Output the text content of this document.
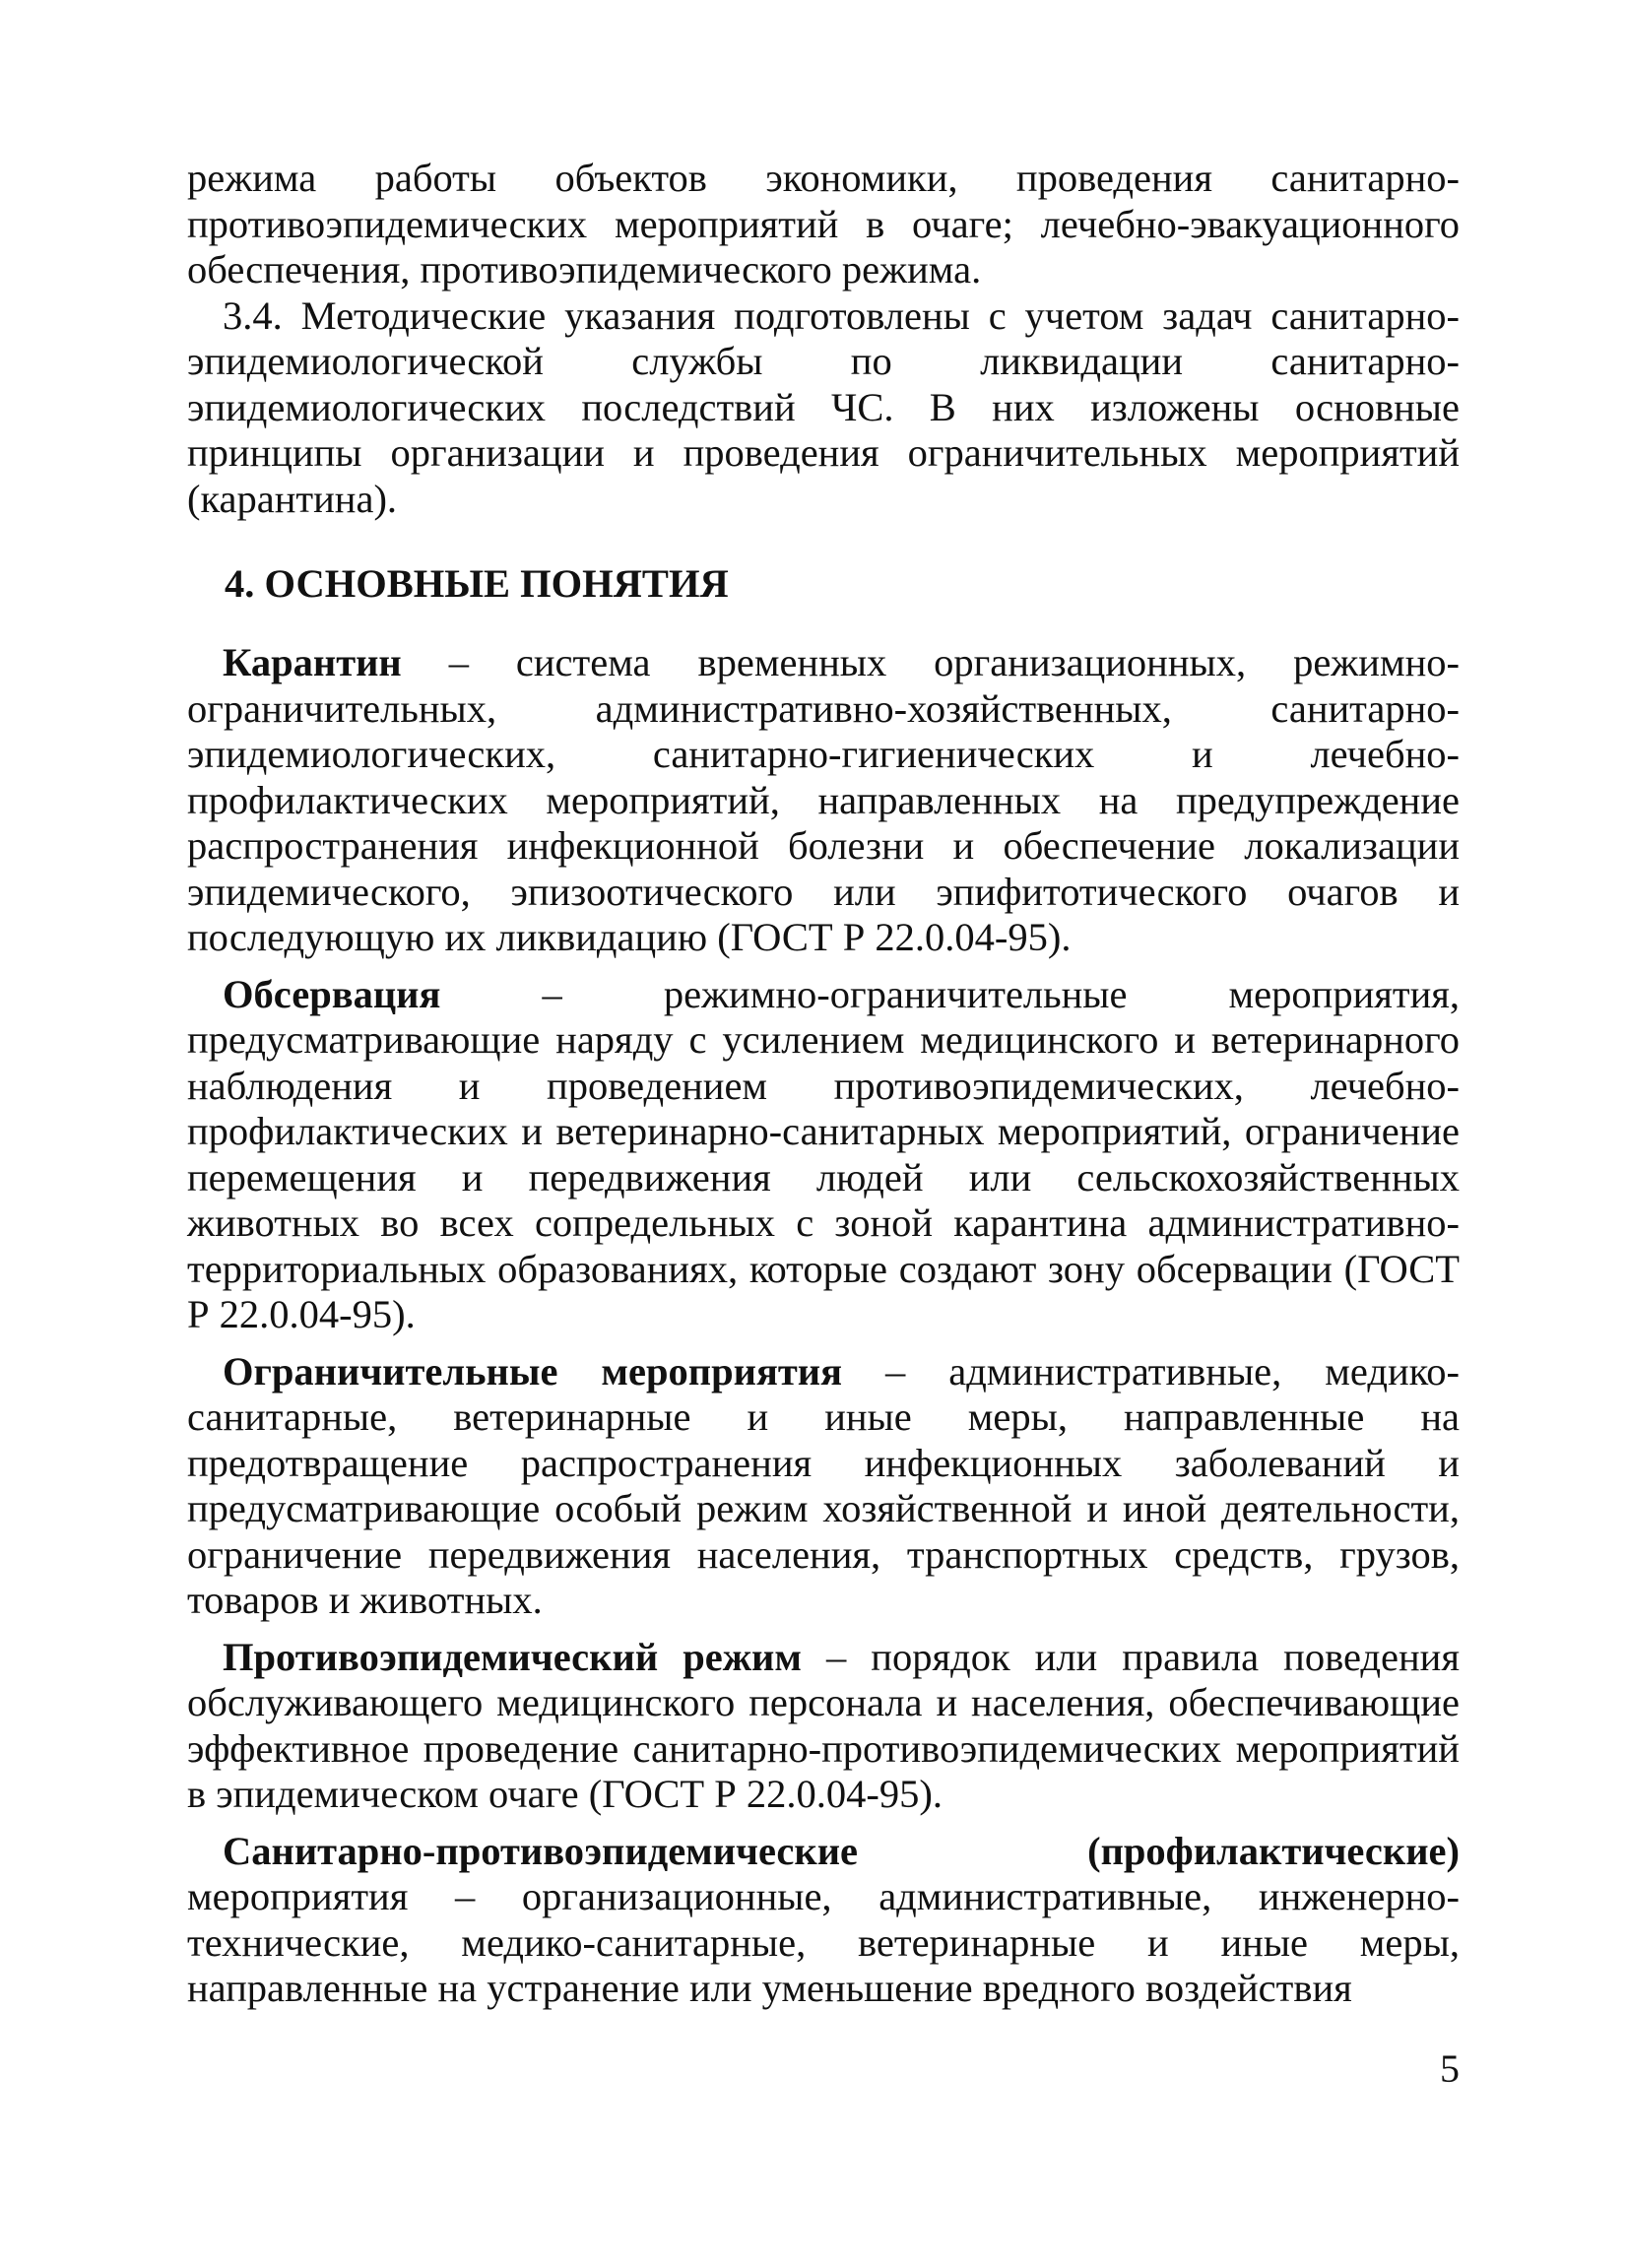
режима работы объектов экономики, проведения санитарно-противоэпидемических мероприятий в очаге; лечебно-эвакуационного обеспечения, противоэпидемического режима.

3.4. Методические указания подготовлены с учетом задач санитарно-эпидемиологической службы по ликвидации санитарно-эпидемиологических последствий ЧС. В них изложены основные принципы организации и проведения ограничительных мероприятий (карантина).

4. ОСНОВНЫЕ ПОНЯТИЯ

Карантин – система временных организационных, режимно-ограничительных, административно-хозяйственных, санитарно-эпидемиологических, санитарно-гигиенических и лечебно-профилактических мероприятий, направленных на предупреждение распространения инфекционной болезни и обеспечение локализации эпидемического, эпизоотического или эпифитотического очагов и последующую их ликвидацию (ГОСТ Р 22.0.04-95).

Обсервация – режимно-ограничительные мероприятия, предусматривающие наряду с усилением медицинского и ветеринарного наблюдения и проведением противоэпидемических, лечебно-профилактических и ветеринарно-санитарных мероприятий, ограничение перемещения и передвижения людей или сельскохозяйственных животных во всех сопредельных с зоной карантина административно-территориальных образованиях, которые создают зону обсервации (ГОСТ Р 22.0.04-95).

Ограничительные мероприятия – административные, медико-санитарные, ветеринарные и иные меры, направленные на предотвращение распространения инфекционных заболеваний и предусматривающие особый режим хозяйственной и иной деятельности, ограничение передвижения населения, транспортных средств, грузов, товаров и животных.

Противоэпидемический режим – порядок или правила поведения обслуживающего медицинского персонала и населения, обеспечивающие эффективное проведение санитарно-противоэпидемических мероприятий в эпидемическом очаге (ГОСТ Р 22.0.04-95).

Санитарно-противоэпидемические (профилактические) мероприятия – организационные, административные, инженерно-технические, медико-санитарные, ветеринарные и иные меры, направленные на устранение или уменьшение вредного воздействия

5
